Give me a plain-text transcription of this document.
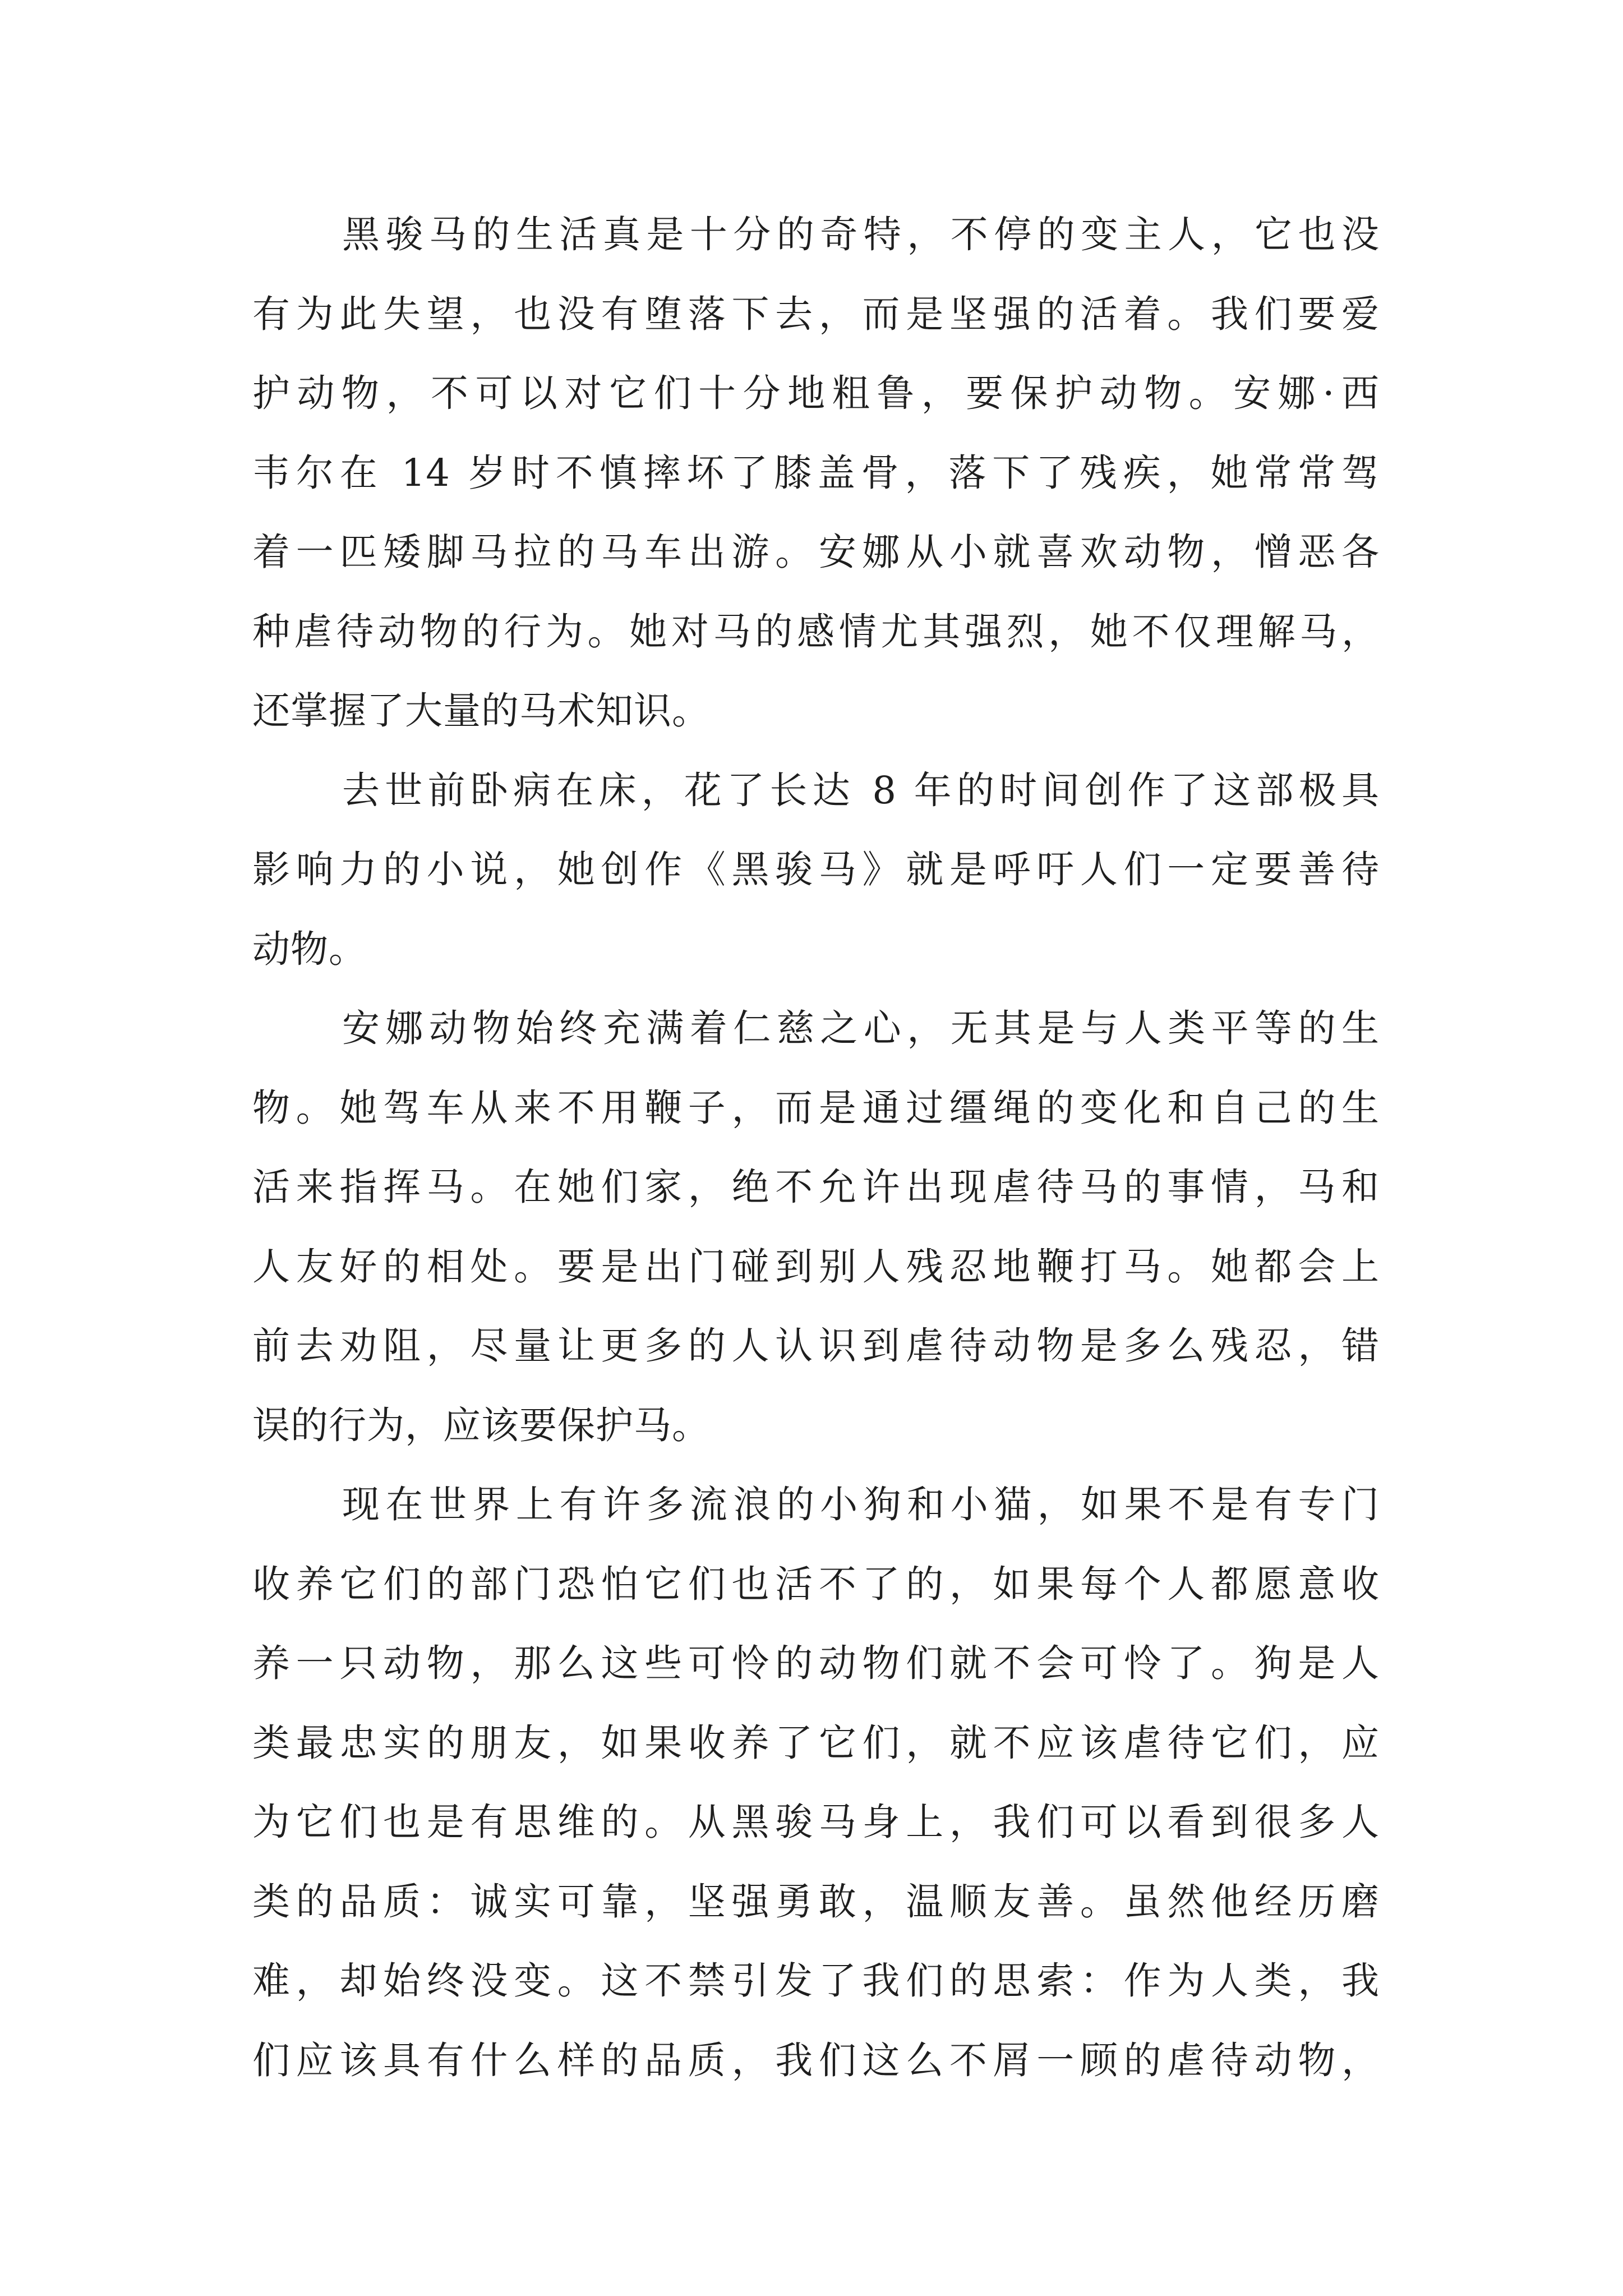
黑骏马的生活真是十分的奇特，不停的变主人，它也没
有为此失望，也没有堕落下去，而是坚强的活着。我们要爱
护动物，不可以对它们十分地粗鲁，要保护动物。安娜·西
韦尔在 14 岁时不慎摔坏了膝盖骨，落下了残疾，她常常驾
着一匹矮脚马拉的马车出游。安娜从小就喜欢动物，憎恶各
种虐待动物的行为。她对马的感情尤其强烈，她不仅理解马，
还掌握了大量的马术知识。
去世前卧病在床，花了长达 8 年的时间创作了这部极具
影响力的小说，她创作《黑骏马》就是呼吁人们一定要善待
动物。
安娜动物始终充满着仁慈之心，无其是与人类平等的生
物。她驾车从来不用鞭子，而是通过缰绳的变化和自己的生
活来指挥马。在她们家，绝不允许出现虐待马的事情，马和
人友好的相处。要是出门碰到别人残忍地鞭打马。她都会上
前去劝阻，尽量让更多的人认识到虐待动物是多么残忍，错
误的行为，应该要保护马。
现在世界上有许多流浪的小狗和小猫，如果不是有专门
收养它们的部门恐怕它们也活不了的，如果每个人都愿意收
养一只动物，那么这些可怜的动物们就不会可怜了。狗是人
类最忠实的朋友，如果收养了它们，就不应该虐待它们，应
为它们也是有思维的。从黑骏马身上，我们可以看到很多人
类的品质：诚实可靠，坚强勇敢，温顺友善。虽然他经历磨
难，却始终没变。这不禁引发了我们的思索：作为人类，我
们应该具有什么样的品质，我们这么不屑一顾的虐待动物，
